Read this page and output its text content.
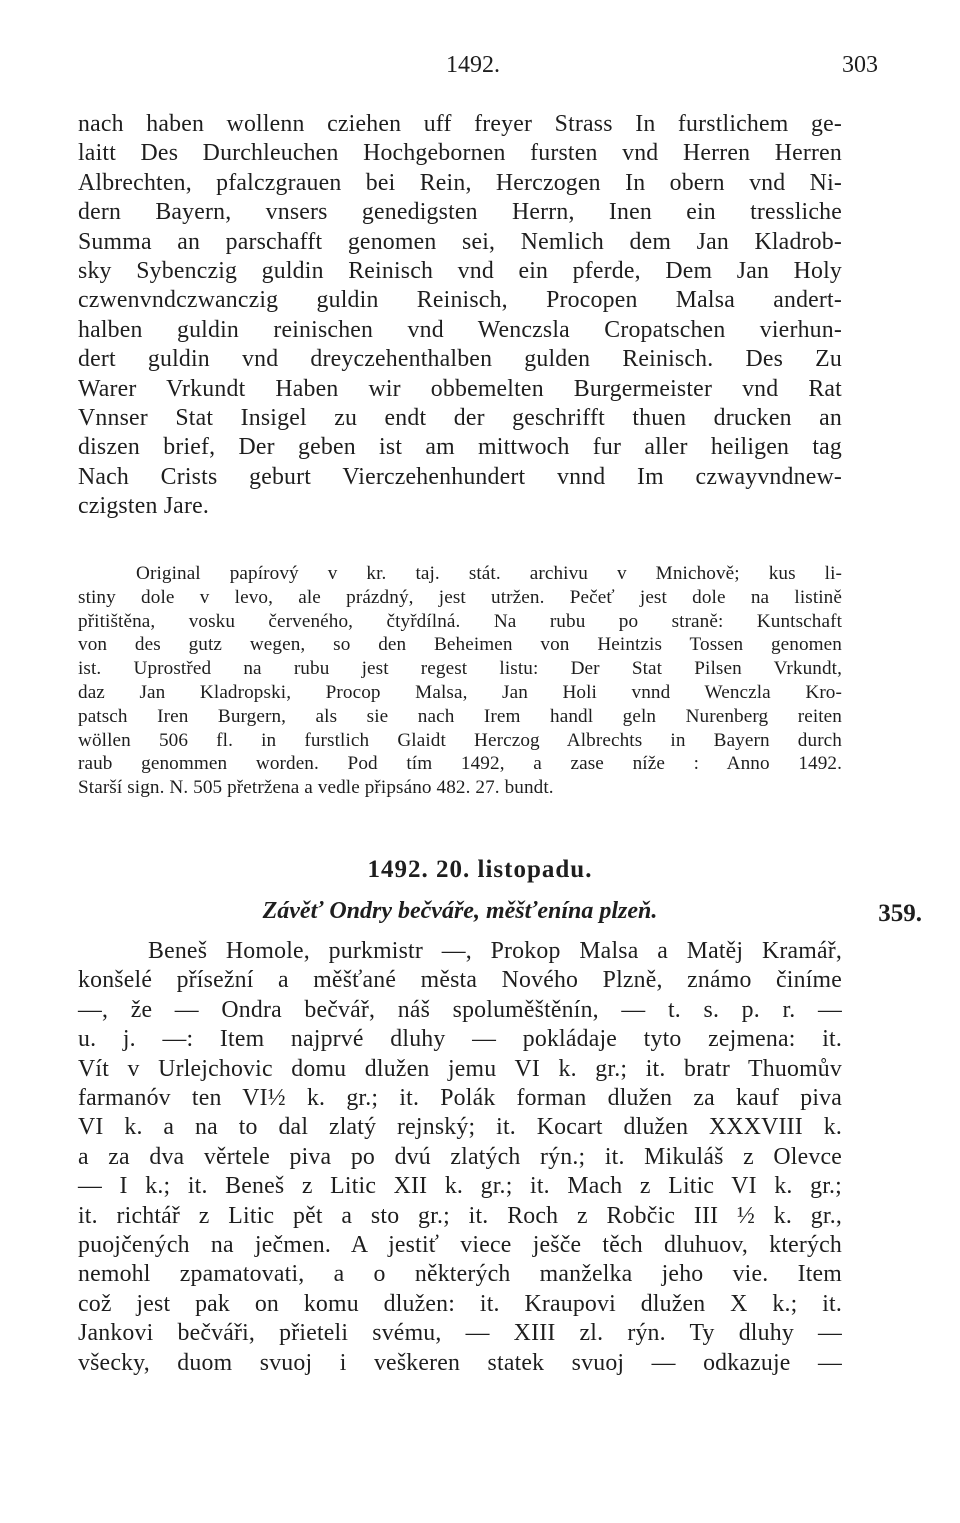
1492.	303
nach haben wollenn cziehen uff freyer Strass In furstlichem ge-
laitt Des Durchleuchen Hochgebornen fursten vnd Herren Herren
Albrechten, pfalczgrauen bei Rein, Herczogen In obern vnd Ni-
dern Bayern, vnsers genedigsten Herrn, Inen ein tressliche
Summa an parschafft genomen sei, Nemlich dem Jan Kladrob-
sky Sybenczig guldin Reinisch vnd ein pferde, Dem Jan Holy
czwenvndczwanczig guldin Reinisch, Procopen Malsa andert-
halben guldin reinischen vnd Wenczsla Cropatschen vierhun-
dert guldin vnd dreyczehenthalben gulden Reinisch. Des Zu
Warer Vrkundt Haben wir obbemelten Burgermeister vnd Rat
Vnnser Stat Insigel zu endt der geschrifft thuen drucken an
diszen brief, Der geben ist am mittwoch fur aller heiligen tag
Nach Crists geburt Vierczehenhundert vnnd Im czwayvndnew-
czigsten Jare.
Original papírový v kr. taj. stát. archivu v Mnichově; kus li-
stiny dole v levo, ale prázdný, jest utržen. Pečeť jest dole na listině
přitištěna, vosku červeného, čtyřdílná. Na rubu po straně: Kuntschaft
von des gutz wegen, so den Beheimen von Heintzis Tossen genomen
ist. Uprostřed na rubu jest regest listu: Der Stat Pilsen Vrkundt,
daz Jan Kladropski, Procop Malsa, Jan Holi vnnd Wenczla Kro-
patsch Iren Burgern, als sie nach Irem handl geln Nurenberg reiten
wöllen 506 fl. in furstlich Glaidt Herczog Albrechts in Bayern durch
raub genommen worden. Pod tím 1492, a zase níže : Anno 1492.
Starší sign. N. 505 přetržena a vedle připsáno 482. 27. bundt.
1492. 20. listopadu.
Závěť Ondry bečváře, měšťenína plzeň.	359.
Beneš Homole, purkmistr —, Prokop Malsa a Matěj Kramář,
konšelé přísežní a měšťané města Nového Plzně, známo činíme
—, že — Ondra bečvář, náš spoluměštěnín, — t. s. p. r. —
u. j. —: Item najprvé dluhy — pokládaje tyto zejmena: it.
Vít v Urlejchovic domu dlužen jemu VI k. gr.; it. bratr Thuomův
farmanóv ten VI½ k. gr.; it. Polák forman dlužen za kauf piva
VI k. a na to dal zlatý rejnský; it. Kocart dlužen XXXVIII k.
a za dva věrtele piva po dvú zlatých rýn.; it. Mikuláš z Olevce
— I k.; it. Beneš z Litic XII k. gr.; it. Mach z Litic VI k. gr.;
it. richtář z Litic pět a sto gr.; it. Roch z Robčic III ½ k. gr.,
puojčených na ječmen. A jestiť viece ješče těch dluhuov, kterých
nemohl zpamatovati, a o některých manželka jeho vie. Item
což jest pak on komu dlužen: it. Kraupovi dlužen X k.; it.
Jankovi bečváři, přieteli svému, — XIII zl. rýn. Ty dluhy —
všecky, duom svuoj i veškeren statek svuoj — odkazuje —
